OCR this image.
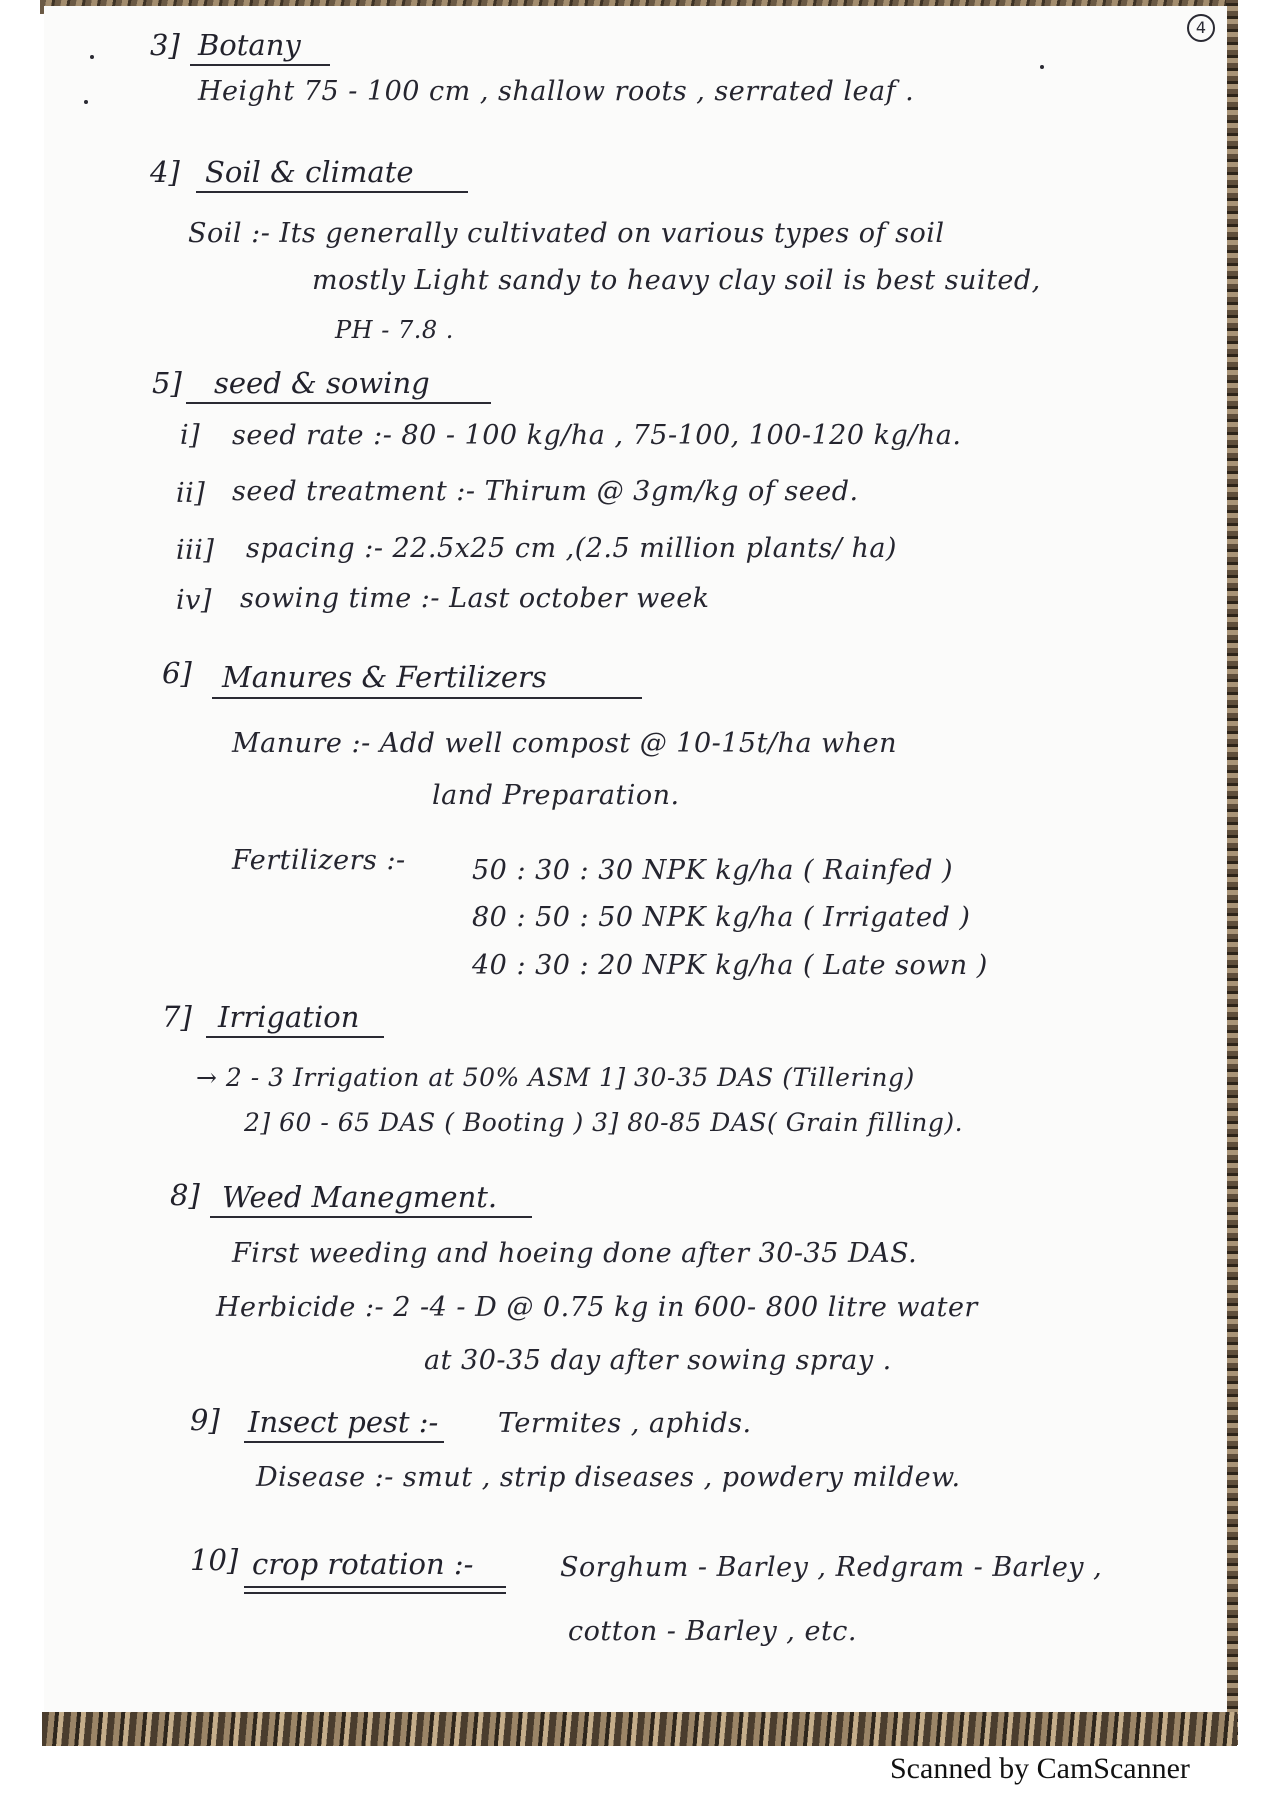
4
3] Botany
Height 75 - 100 cm , shallow roots , serrated leaf .
4] Soil & climate
Soil :- Its generally cultivated on various types of soil
mostly Light sandy to heavy clay soil is best suited,
PH - 7.8 .
5] seed & sowing
i] seed rate :- 80 - 100 kg/ha , 75-100, 100-120 kg/ha.
ii] seed treatment :- Thirum @ 3gm/kg of seed.
iii] spacing :- 22.5x25 cm ,(2.5 million plants/ ha)
iv] sowing time :- Last october week
6] Manures & Fertilizers
Manure :- Add well compost @ 10-15t/ha when
land Preparation.
Fertilizers :- 50 : 30 : 30 NPK kg/ha ( Rainfed )
80 : 50 : 50 NPK kg/ha ( Irrigated )
40 : 30 : 20 NPK kg/ha ( Late sown )
7] Irrigation
→ 2 - 3 Irrigation at 50% ASM 1] 30-35 DAS (Tillering)
2] 60 - 65 DAS ( Booting ) 3] 80-85 DAS( Grain filling).
8] Weed Manegment.
First weeding and hoeing done after 30-35 DAS.
Herbicide :- 2 -4 - D @ 0.75 kg in 600- 800 litre water
at 30-35 day after sowing spray .
9] Insect pest :- Termites , aphids.
Disease :- smut , strip diseases , powdery mildew.
10] crop rotation :-	Sorghum - Barley , Redgram - Barley ,
cotton - Barley , etc.
Scanned by CamScanner
